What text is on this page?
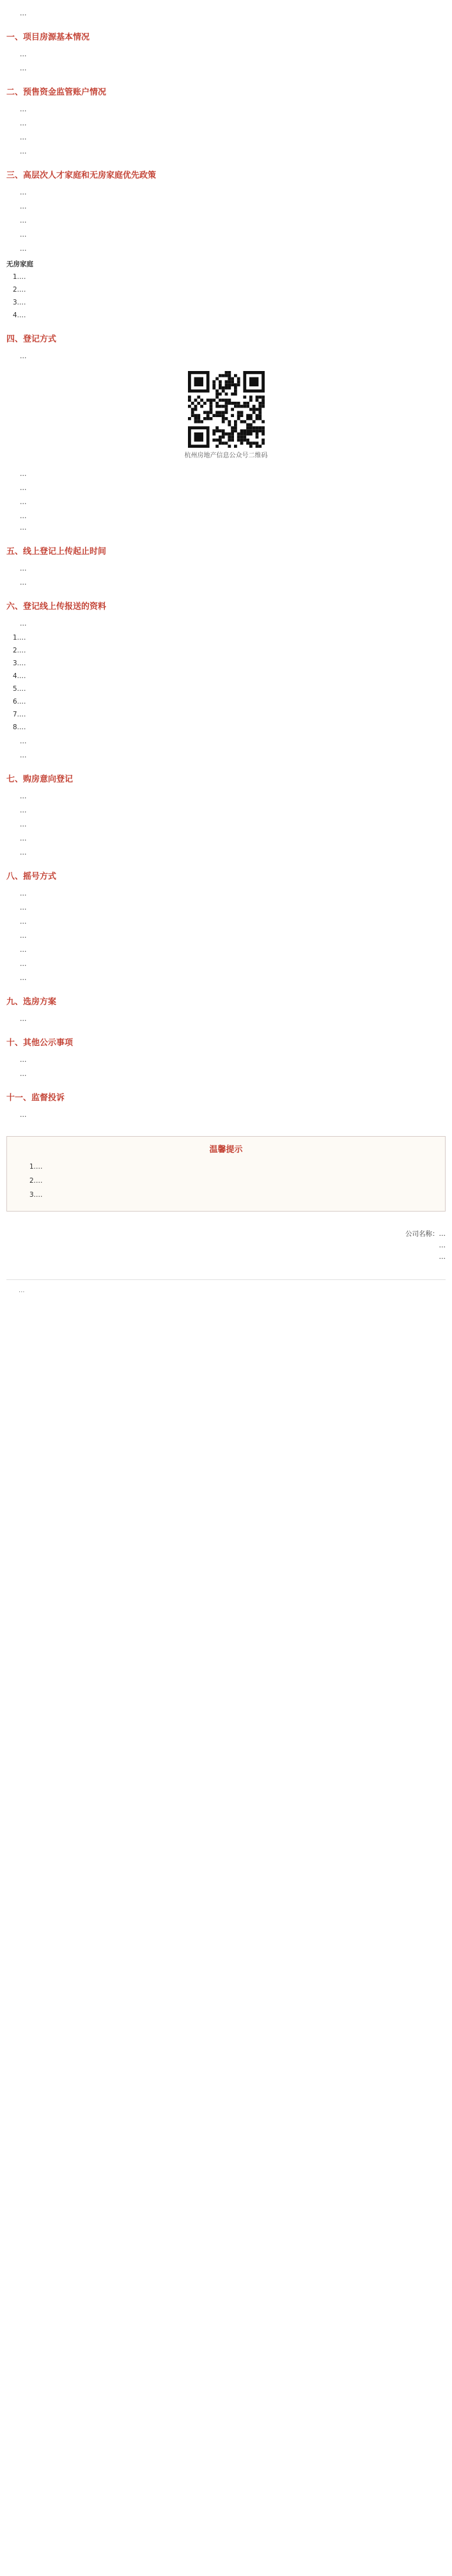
…

一、项目房源基本情况

…

…

二、预售资金监管账户情况

…

…

…

…

三、高层次人才家庭和无房家庭优先政策

…

…

…

…

…

无房家庭
1.…
2.…
3.…
4.…
四、登记方式

…

杭州房地产信息公众号二维码

…

…

…

…
…
五、线上登记上传起止时间

…

…

六、登记线上传报送的资料

…

1.…
2.…
3.…
4.…
5.…
6.…
7.…
8.…

…

…

七、购房意向登记

…

…

…

…

…

八、摇号方式

…

…

…

…

…

…

…

九、选房方案

…

十、其他公示事项

…

…

十一、监督投诉

…

温馨提示

1.…

2.…

3.…

公司名称：…
…
…

…
